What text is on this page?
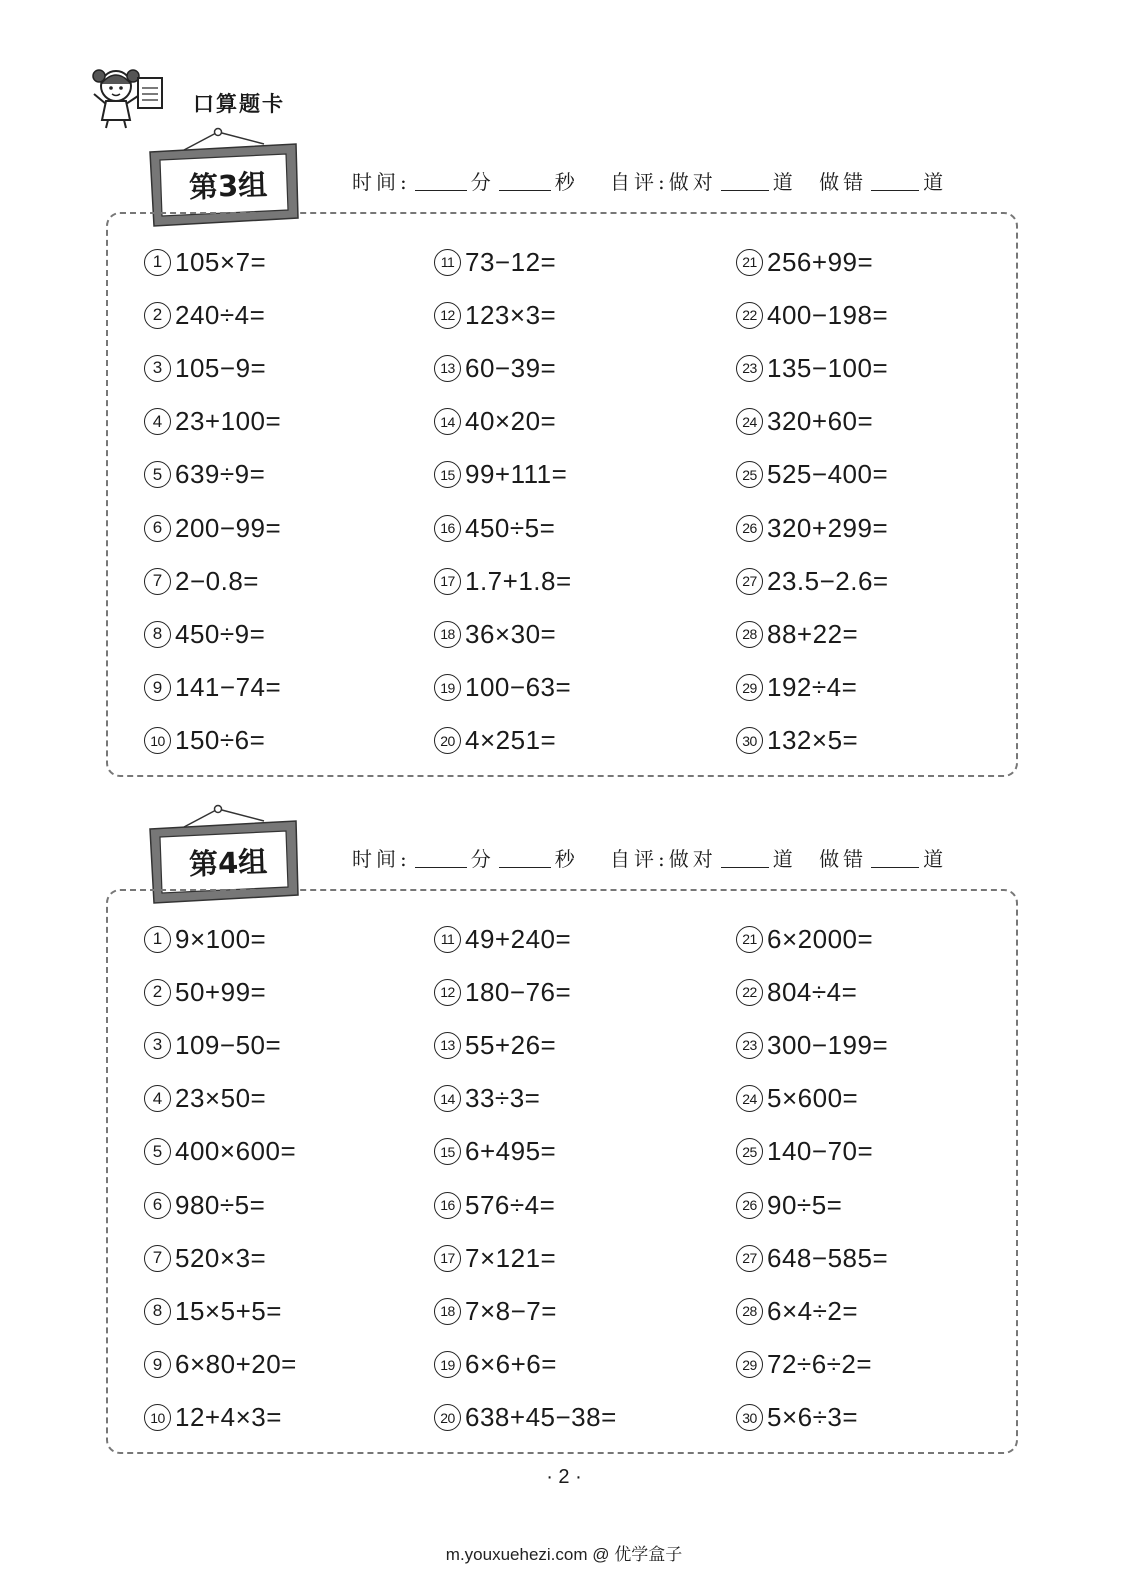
口算题卡
第3组	时间:	分	秒 自评:做对	道 做错	道
1 105×7=
2 240÷4=
3 105−9=
4 23+100=
5 639÷9=
6 200−99=
7 2−0.8=
8 450÷9=
9 141−74=
10 150÷6=
11 73−12=
12 123×3=
13 60−39=
14 40×20=
15 99+111=
16 450÷5=
17 1.7+1.8=
18 36×30=
19 100−63=
20 4×251=
21 256+99=
22 400−198=
23 135−100=
24 320+60=
25 525−400=
26 320+299=
27 23.5−2.6=
28 88+22=
29 192÷4=
30 132×5=
第4组	时间:	分	秒 自评:做对	道 做错	道
1 9×100=
2 50+99=
3 109−50=
4 23×50=
5 400×600=
6 980÷5=
7 520×3=
8 15×5+5=
9 6×80+20=
10 12+4×3=
11 49+240=
12 180−76=
13 55+26=
14 33÷3=
15 6+495=
16 576÷4=
17 7×121=
18 7×8−7=
19 6×6+6=
20 638+45−38=
21 6×2000=
22 804÷4=
23 300−199=
24 5×600=
25 140−70=
26 90÷5=
27 648−585=
28 6×4÷2=
29 72÷6÷2=
30 5×6÷3=
· 2 ·
m.youxuehezi.com @ 优学盒子
